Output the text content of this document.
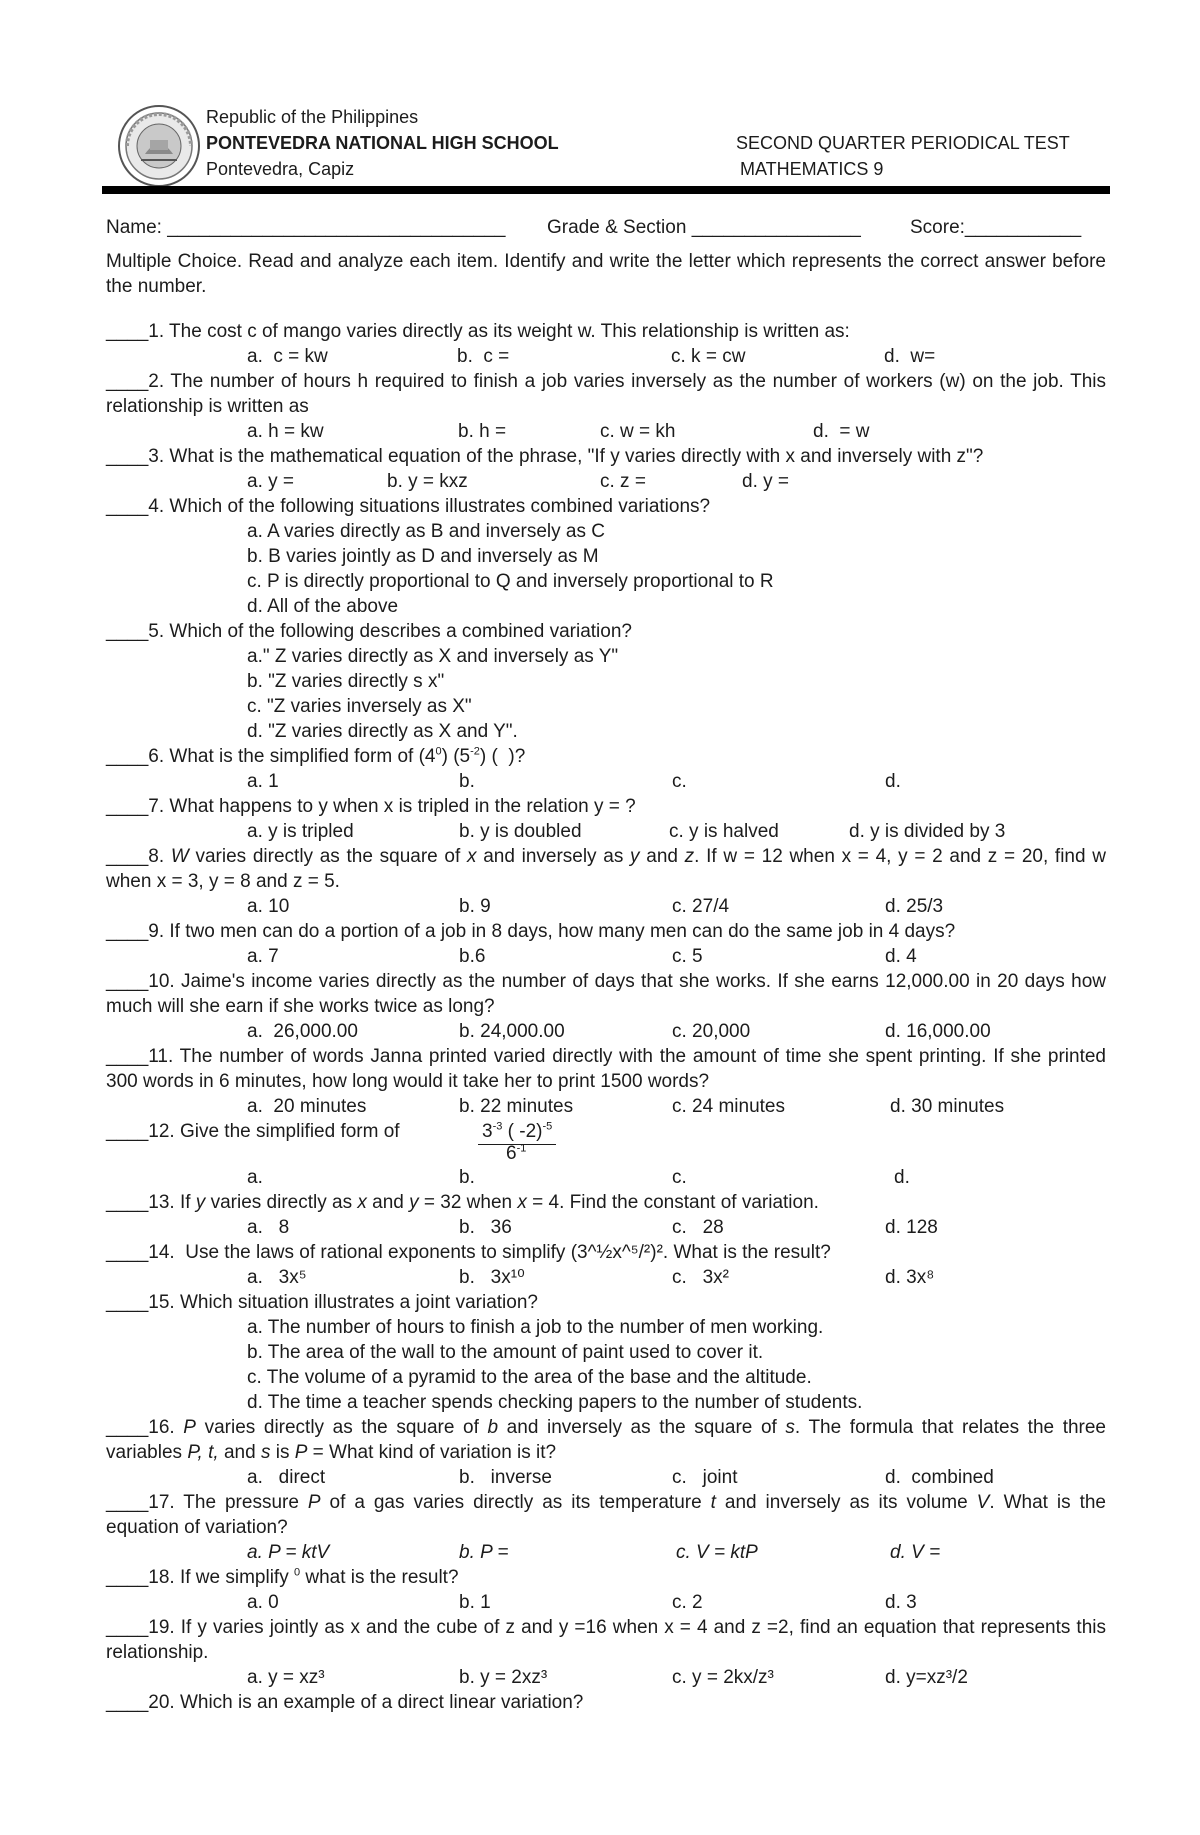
Republic of the Philippines
PONTEVEDRA NATIONAL HIGH SCHOOL
Pontevedra, Capiz
SECOND QUARTER PERIODICAL TEST
MATHEMATICS 9
Name: ________________________________ Grade & Section ________________	Score:___________
Multiple Choice. Read and analyze each item. Identify and write the letter which represents the correct answer before the number.
____1. The cost c of mango varies directly as its weight w. This relationship is written as:
a.  c = kw	b.  c =	c. k = cw	d.  w=
____2. The number of hours h required to finish a job varies inversely as the number of workers (w) on the job. This relationship is written as
a. h = kw	b. h =	c. w = kh	d.  = w
____3. What is the mathematical equation of the phrase, "If y varies directly with x and inversely with z"?
a. y =	b. y = kxz	c. z =	d. y =
____4. Which of the following situations illustrates combined variations?
a. A varies directly as B and inversely as C
b. B varies jointly as D and inversely as M
c. P is directly proportional to Q and inversely proportional to R
d. All of the above
____5. Which of the following describes a combined variation?
a." Z varies directly as X and inversely as Y"
b. "Z varies directly s x"
c. "Z varies inversely as X"
d. "Z varies directly as X and Y".
____6. What is the simplified form of $(4^0)$ $(5^{-2})$ (  )?
a. 1	b.	c.	d.
____7. What happens to y when x is tripled in the relation y = ?
a. y is tripled	b. y is doubled	c. y is halved	d. y is divided by 3
____8. W varies directly as the square of x and inversely as y and z. If w = 12 when x = 4, y = 2 and z = 20, find w when x = 3, y = 8 and z = 5.
a. 10	b. 9	c. 27/4	d. 25/3
____9. If two men can do a portion of a job in 8 days, how many men can do the same job in 4 days?
a. 7	b.6	c. 5	d. 4
____10. Jaime's income varies directly as the number of days that she works. If she earns 12,000.00 in 20 days how much will she earn if she works twice as long?
a.  26,000.00	b. 24,000.00	c. 20,000	d. 16,000.00
____11. The number of words Janna printed varied directly with the amount of time she spent printing. If she printed 300 words in 6 minutes, how long would it take her to print 1500 words?
a.  20 minutes	b. 22 minutes	c. 24 minutes	d. 30 minutes
____12. Give the simplified form of	$3^{-3}$ ( -2)$^{-5}$
$6^{-1}$
a.	b.	c.	d.
____13. If y varies directly as x and y = 32 when x = 4. Find the constant of variation.
a.   8	b.   36	c.   28	d. 128
____14.  Use the laws of rational exponents to simplify (3^½x^⁵/²)². What is the result?
a.   3x⁵	b.   3x¹⁰	c.   3x²	d. 3x⁸
____15. Which situation illustrates a joint variation?
a. The number of hours to finish a job to the number of men working.
b. The area of the wall to the amount of paint used to cover it.
c. The volume of a pyramid to the area of the base and the altitude.
d. The time a teacher spends checking papers to the number of students.
____16. P varies directly as the square of b and inversely as the square of s. The formula that relates the three variables P, t, and s is P = What kind of variation is it?
a.   direct	b.   inverse	c.   joint	d.  combined
____17. The pressure P of a gas varies directly as its temperature t and inversely as its volume V. What is the equation of variation?
a. P = ktV	b. P =	c. V = ktP	d. V =
____18. If we simplify $^0$ what is the result?
a. 0	b. 1	c. 2	d. 3
____19. If y varies jointly as x and the cube of z and y =16 when x = 4 and z =2, find an equation that represents this relationship.
a. y = xz³	b. y = 2xz³	c. y = 2kx/z³	d. y=xz³/2
____20. Which is an example of a direct linear variation?
